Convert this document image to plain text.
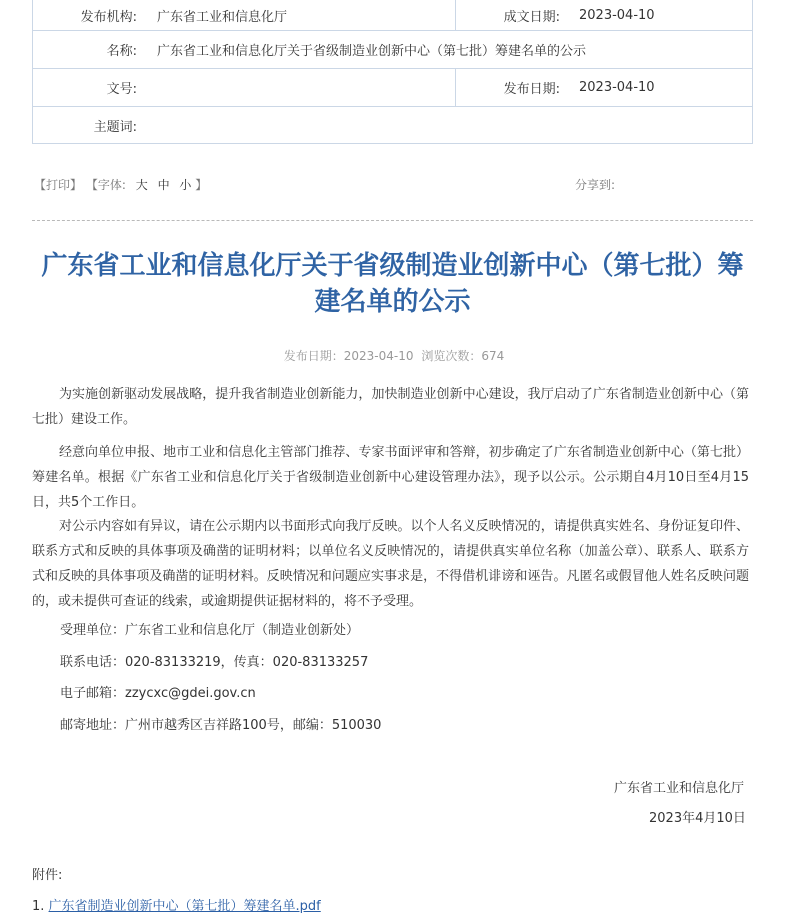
发布机构: 广东省工业和信息化厅	成文日期: 2023-04-10
名称: 广东省工业和信息化厅关于省级制造业创新中心（第七批）筹建名单的公示
文号:	发布日期: 2023-04-10
主题词:
【打印】 【字体: 大 中 小 】	分享到:
广东省工业和信息化厅关于省级制造业创新中心（第七批）筹建名单的公示
发布日期：2023-04-10 浏览次数：674

为实施创新驱动发展战略，提升我省制造业创新能力，加快制造业创新中心建设，我厅启动了广东省制造业创新中心（第七批）建设工作。

经意向单位申报、地市工业和信息化主管部门推荐、专家书面评审和答辩，初步确定了广东省制造业创新中心（第七批）筹建名单。根据《广东省工业和信息化厅关于省级制造业创新中心建设管理办法》，现予以公示。公示期自4月10日至4月15日，共5个工作日。

对公示内容如有异议，请在公示期内以书面形式向我厅反映。以个人名义反映情况的，请提供真实姓名、身份证复印件、联系方式和反映的具体事项及确凿的证明材料；以单位名义反映情况的，请提供真实单位名称（加盖公章）、联系人、联系方式和反映的具体事项及确凿的证明材料。反映情况和问题应实事求是，不得借机诽谤和诬告。凡匿名或假冒他人姓名反映问题的，或未提供可查证的线索，或逾期提供证据材料的，将不予受理。

受理单位：广东省工业和信息化厅（制造业创新处）
联系电话：020-83133219，传真：020-83133257
电子邮箱：zzycxc@gdei.gov.cn
邮寄地址：广州市越秀区吉祥路100号，邮编：510030
广东省工业和信息化厅
2023年4月10日
附件:
1. 广东省制造业创新中心（第七批）筹建名单.pdf
